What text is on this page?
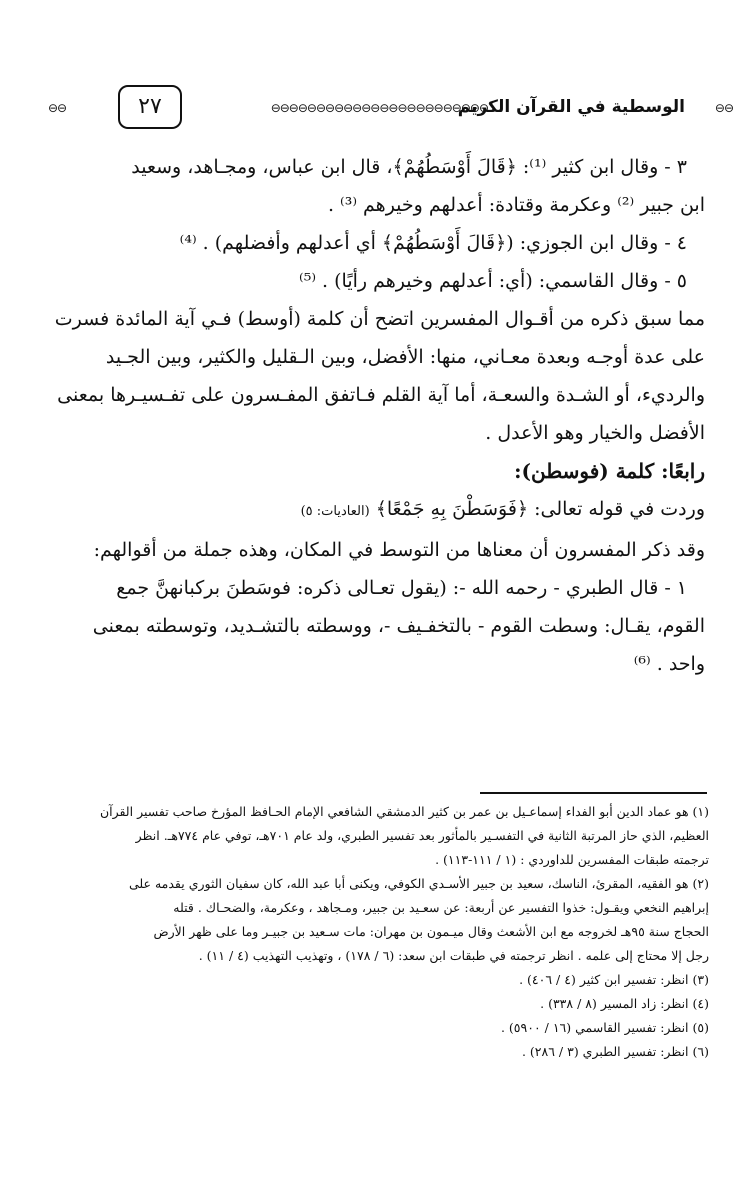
⊖⊖
الوسطية في القرآن الكريم
⊖⊖⊖⊖⊖⊖⊖⊖⊖⊖⊖⊖⊖⊖⊖⊖⊖⊖⊖⊖⊖⊖⊖⊖
٢٧
⊖⊖
٣ - وقال ابن كثير ⁽¹⁾: ﴿قَالَ أَوْسَطُهُمْ﴾، قال ابن عباس، ومجـاهد، وسعيد
ابن جبير ⁽²⁾ وعكرمة وقتادة: أعدلهم وخيرهم ⁽³⁾ .
٤ - وقال ابن الجوزي: (﴿قَالَ أَوْسَطُهُمْ﴾ أي أعدلهم وأفضلهم) . ⁽⁴⁾
٥ - وقال القاسمي: (أي: أعدلهم وخيرهم رأيًا) . ⁽⁵⁾
مما سبق ذكره من أقـوال المفسرين اتضح أن كلمة (أوسط) فـي آية المائدة فسرت
على عدة أوجـه وبعدة معـاني، منها: الأفضل، وبين الـقليل والكثير، وبين الجـيد
والرديء، أو الشـدة والسعـة، أما آية القلم فـاتفق المفـسرون على تفـسيـرها بمعنى
الأفضل والخيار وهو الأعدل .
رابعًا: كلمة (فوسطن):
وردت في قوله تعالى: ﴿فَوَسَطْنَ بِهِ جَمْعًا﴾ (العاديات: ٥)
وقد ذكر المفسرون أن معناها من التوسط في المكان، وهذه جملة من أقوالهم:
١ - قال الطبري - رحمه الله -: (يقول تعـالى ذكره: فوسَطنَ بركبانهنَّ جمع
القوم، يقـال: وسطت القوم - بالتخفـيف -، ووسطته بالتشـديد، وتوسطته بمعنى
واحد . ⁽⁶⁾
(١) هو عماد الدين أبو الفداء إسماعـيل بن عمر بن كثير الدمشقي الشافعي الإمام الحـافظ المؤرخ صاحب تفسير القرآن
العظيم، الذي حاز المرتبة الثانية في التفسـير بالمأثور بعد تفسير الطبري، ولد عام ٧٠١هـ، توفي عام ٧٧٤هـ. انظر
ترجمته طبقات المفسرين للداوردي : (١ / ١١١-١١٣) .
(٢) هو الفقيه، المقرئ، الناسك، سعيد بن جبير الأسـدي الكوفي، ويكنى أبا عبد الله، كان سفيان الثوري يقدمه على
إبراهيم النخعي ويقـول: خذوا التفسير عن أربعة: عن سعـيد بن جبير، ومـجاهد ، وعكرمة، والضحـاك . قتله
الحجاج سنة ٩٥هـ لخروجه مع ابن الأشعث وقال ميـمون بن مهران: مات سـعيد بن جبيـر وما على ظهر الأرض
رجل إلا محتاج إلى علمه . انظر ترجمته في طبقات ابن سعد: (٦ / ١٧٨) ، وتهذيب التهذيب (٤ / ١١) .
(٣) انظر: تفسير ابن كثير (٤ / ٤٠٦) .
(٤) انظر: زاد المسير (٨ / ٣٣٨) .
(٥) انظر: تفسير القاسمي (١٦ / ٥٩٠٠) .
(٦) انظر: تفسير الطبري (٣ / ٢٨٦) .
